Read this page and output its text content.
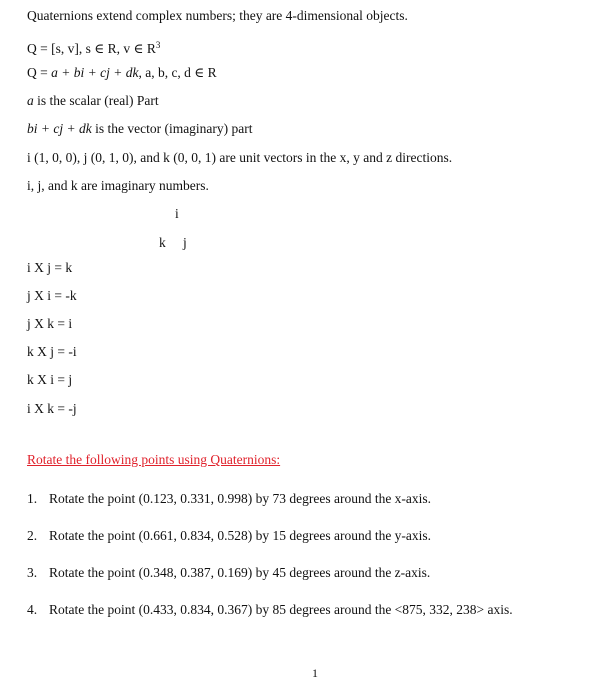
Quaternions extend complex numbers; they are 4-dimensional objects.
Q = [s, v], s ∈ R, v ∈ $R^3$
Q = a + bi + cj + dk, a, b, c, d ∈ R
a is the scalar (real) Part
bi + cj + dk is the vector (imaginary) part
i (1, 0, 0), j (0, 1, 0), and k (0, 0, 1) are unit vectors in the x, y and z directions.
i, j, and k are imaginary numbers.
i
k j
i X j = k
j X i = -k
j X k = i
k X j = -i
k X i = j
i X k = -j
Rotate the following points using Quaternions:
1. Rotate the point (0.123, 0.331, 0.998) by 73 degrees around the x-axis.
2. Rotate the point (0.661, 0.834, 0.528) by 15 degrees around the y-axis.
3. Rotate the point (0.348, 0.387, 0.169) by 45 degrees around the z-axis.
4. Rotate the point (0.433, 0.834, 0.367) by 85 degrees around the <875, 332, 238> axis.
1
